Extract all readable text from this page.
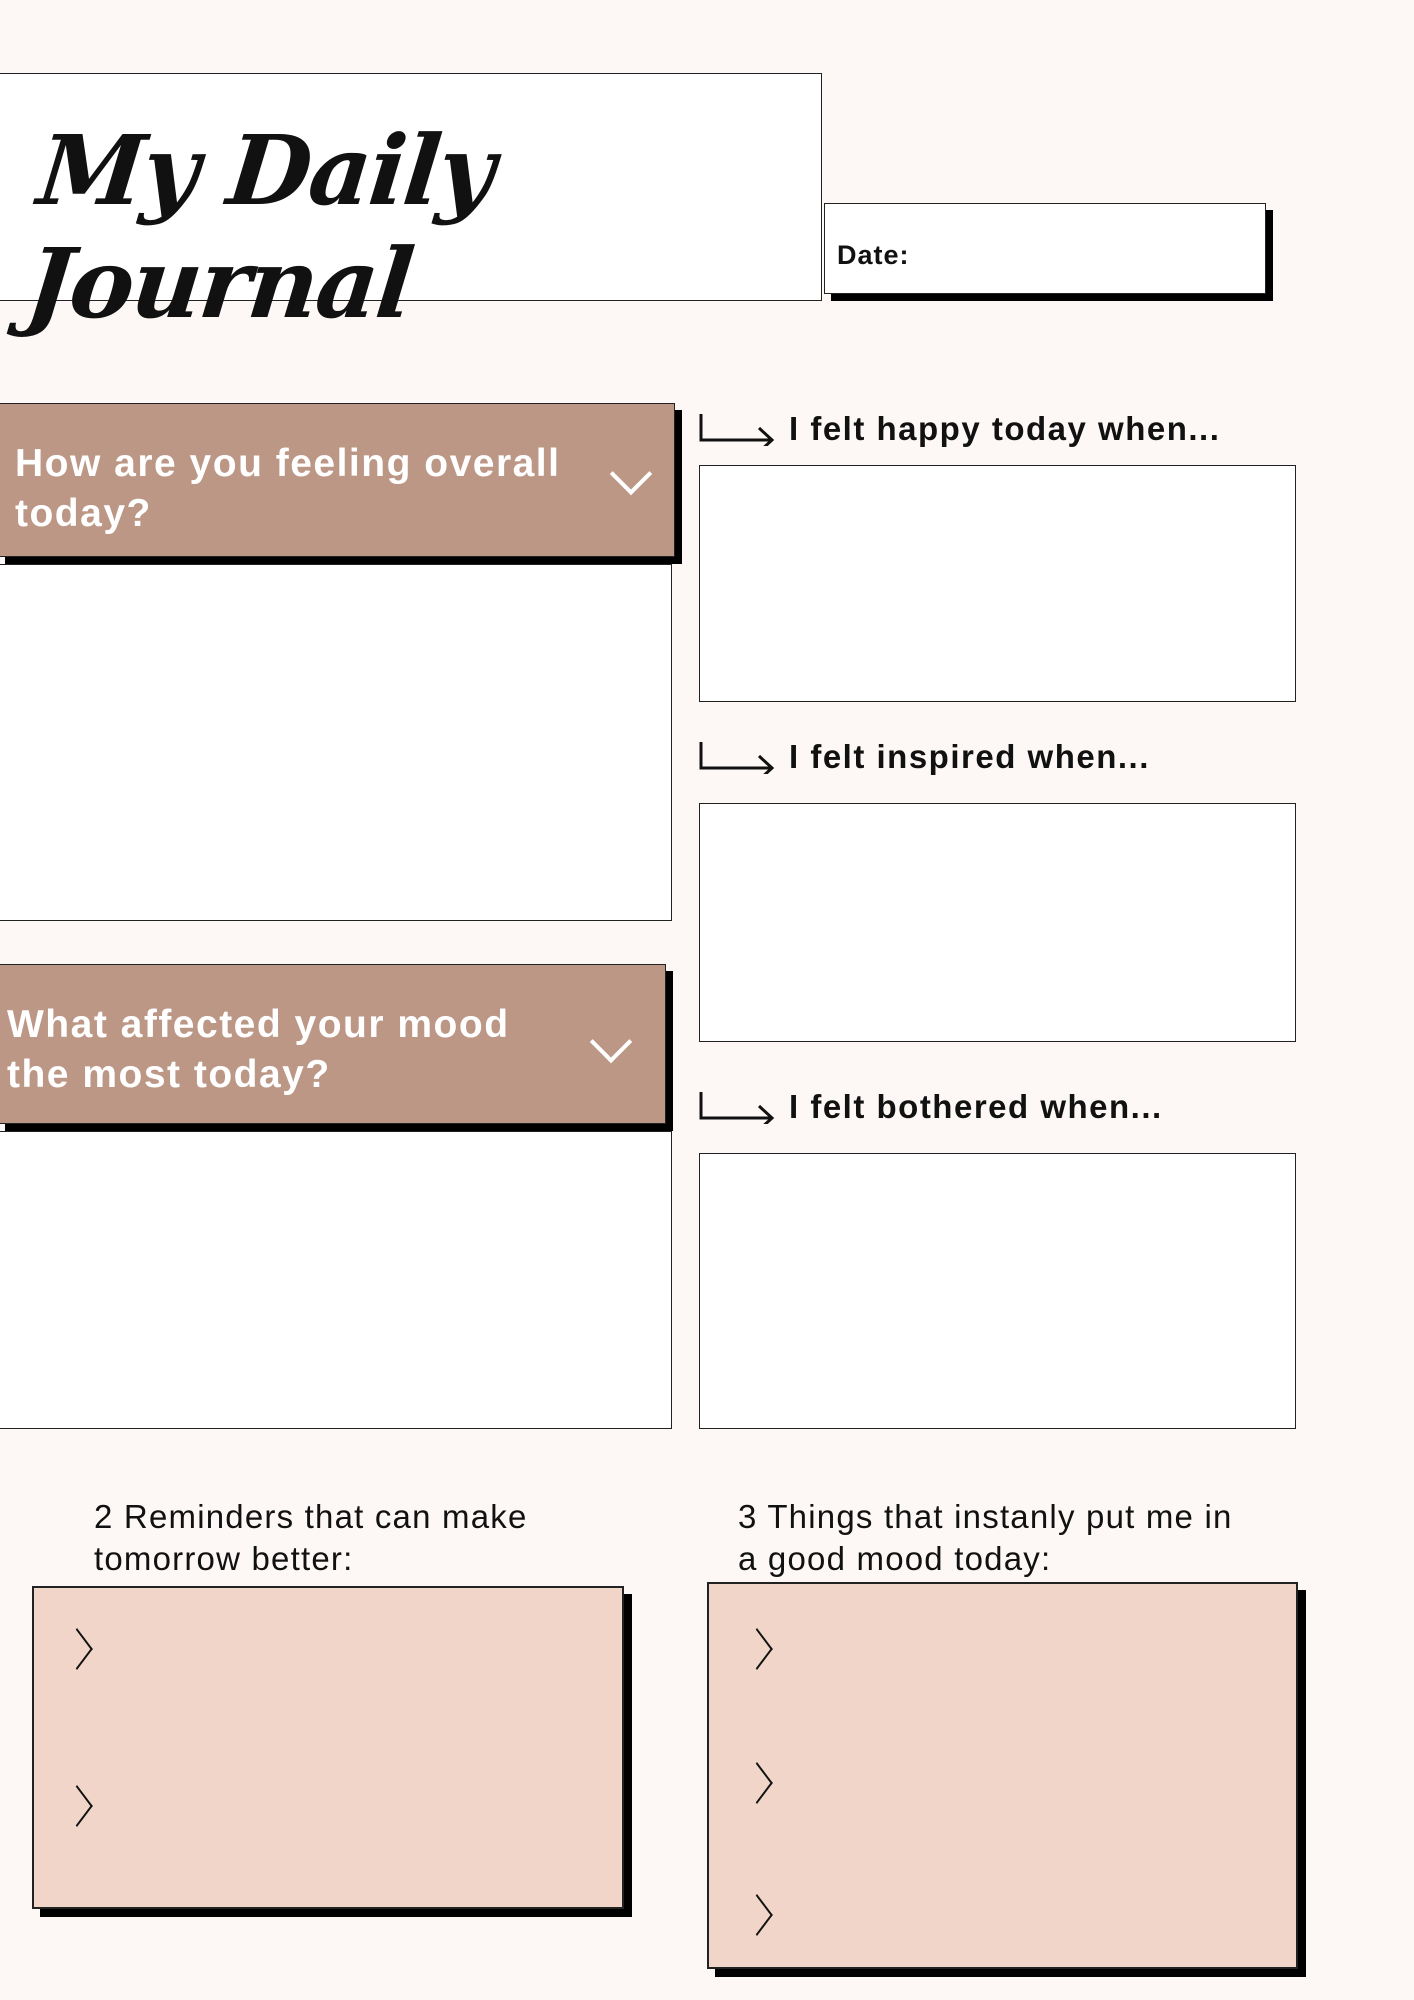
My Daily Journal	Date:
How are you feeling overall today?
What affected your mood the most today?
I felt happy today when...
I felt inspired when...
I felt bothered when...
2 Reminders that can make tomorrow better:
3 Things that instanly put me in a good mood today:
